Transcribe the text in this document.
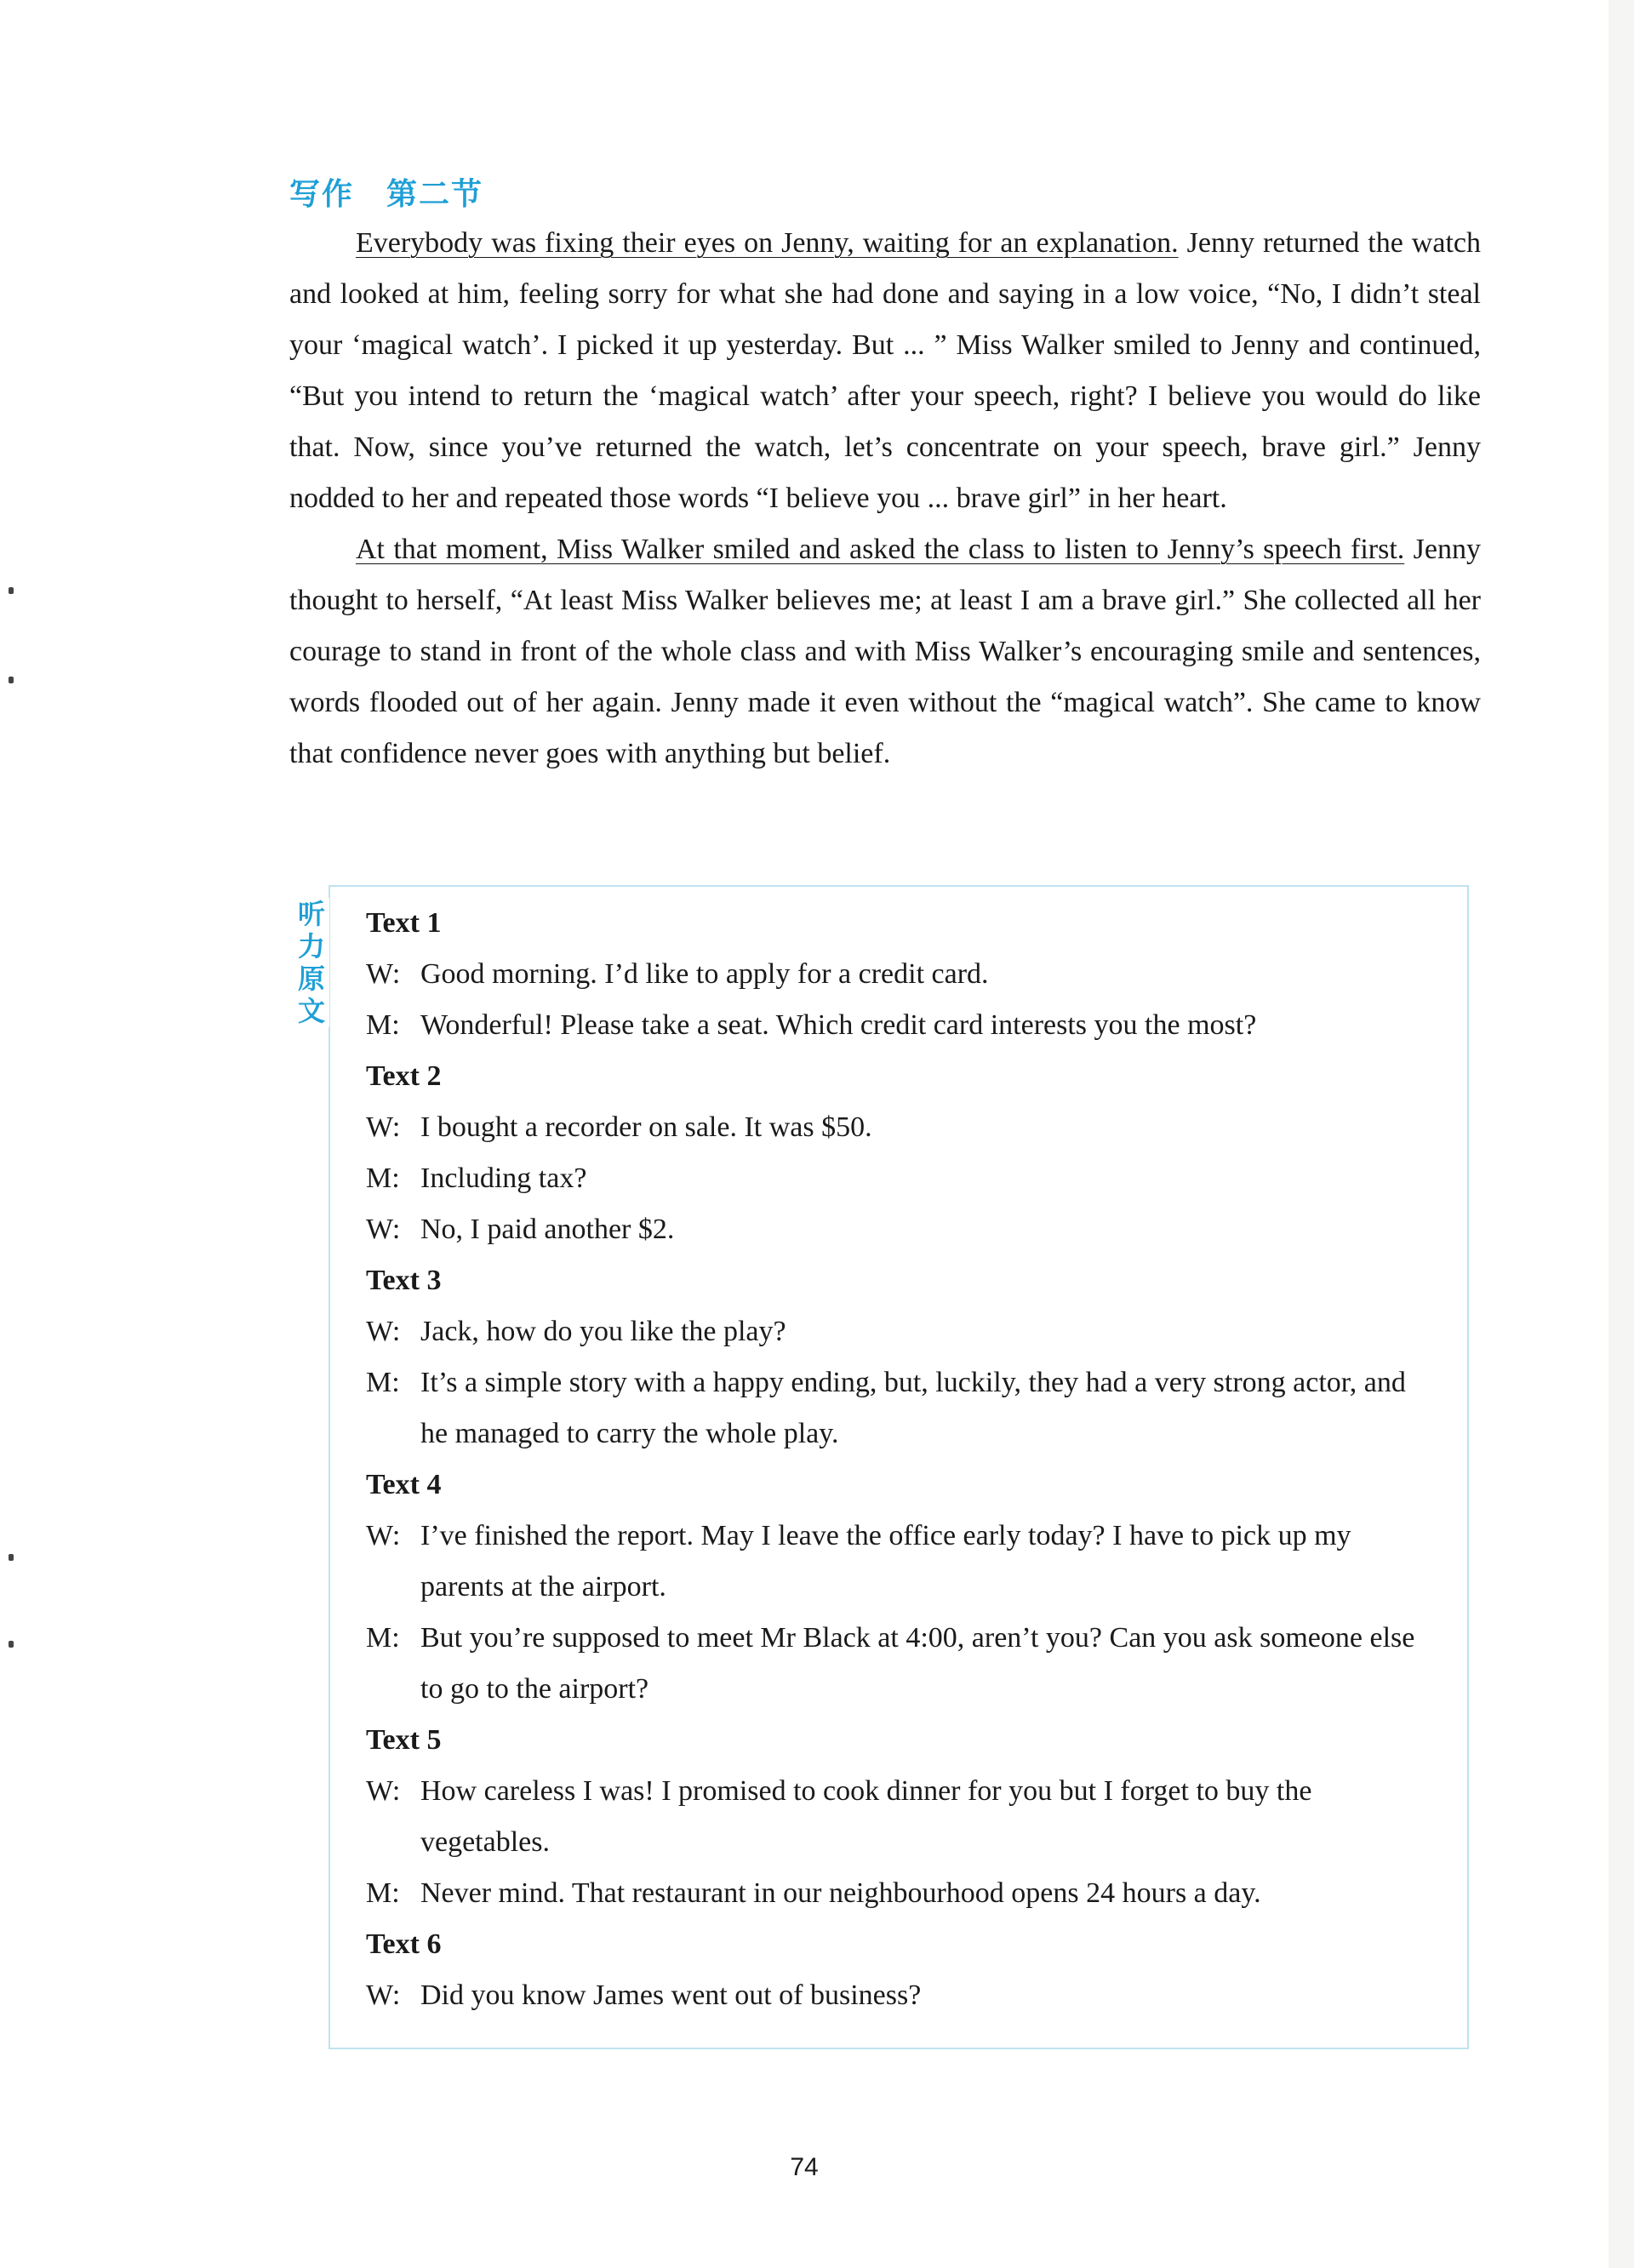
写作　第二节

Everybody was fixing their eyes on Jenny, waiting for an explanation. Jenny returned the watch and looked at him, feeling sorry for what she had done and saying in a low voice, “No, I didn’t steal your ‘magical watch’. I picked it up yesterday. But ... ” Miss Walker smiled to Jenny and continued, “But you intend to return the ‘magical watch’ after your speech, right? I believe you would do like that. Now, since you’ve returned the watch, let’s concentrate on your speech, brave girl.” Jenny nodded to her and repeated those words “I believe you ... brave girl” in her heart.

At that moment, Miss Walker smiled and asked the class to listen to Jenny’s speech first. Jenny thought to herself, “At least Miss Walker believes me; at least I am a brave girl.” She collected all her courage to stand in front of the whole class and with Miss Walker’s encouraging smile and sentences, words flooded out of her again. Jenny made it even without the “magical watch”. She came to know that confidence never goes with anything but belief.

听
力
原
文

Text 1

W: Good morning. I’d like to apply for a credit card.

M: Wonderful! Please take a seat. Which credit card interests you the most?

Text 2

W: I bought a recorder on sale. It was $50.

M: Including tax?

W: No, I paid another $2.

Text 3

W: Jack, how do you like the play?

M: It’s a simple story with a happy ending, but, luckily, they had a very strong actor, and he managed to carry the whole play.

Text 4

W: I’ve finished the report. May I leave the office early today? I have to pick up my parents at the airport.

M: But you’re supposed to meet Mr Black at 4:00, aren’t you? Can you ask someone else to go to the airport?

Text 5

W: How careless I was! I promised to cook dinner for you but I forget to buy the vegetables.

M: Never mind. That restaurant in our neighbourhood opens 24 hours a day.

Text 6

W: Did you know James went out of business?

74
